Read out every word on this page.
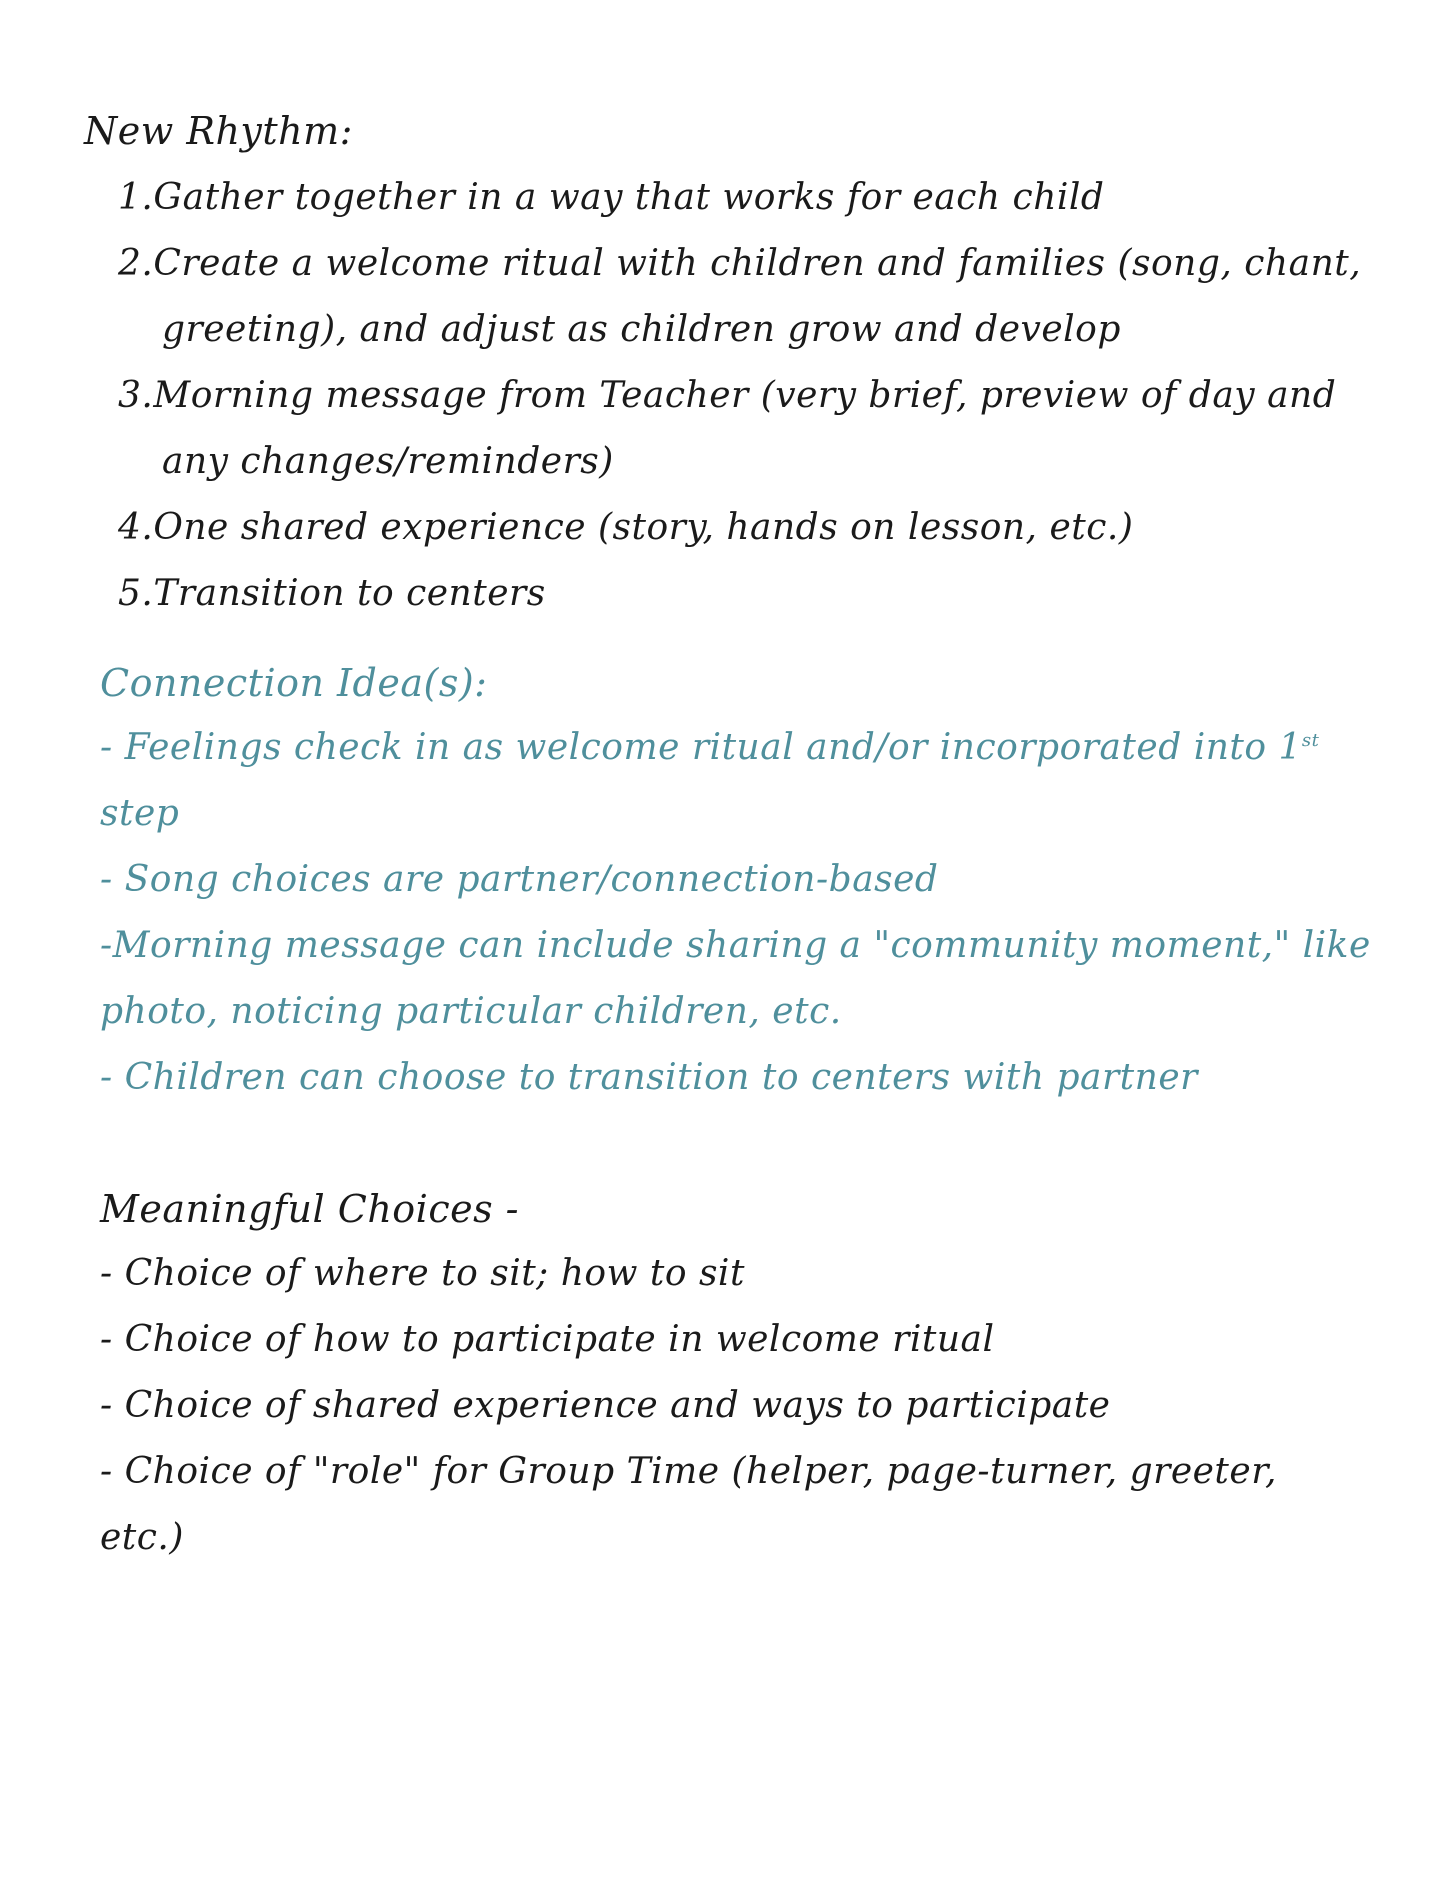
New Rhythm:
1.Gather together in a way that works for each child
2.Create a welcome ritual with children and families (song, chant,
greeting), and adjust as children grow and develop
3.Morning message from Teacher (very brief, preview of day and
any changes/reminders)
4.One shared experience (story, hands on lesson, etc.)
5.Transition to centers
Connection Idea(s):
- Feelings check in as welcome ritual and/or incorporated into 1st
step
- Song choices are partner/connection-based
-Morning message can include sharing a "community moment," like
photo, noticing particular children, etc.
- Children can choose to transition to centers with partner
Meaningful Choices -
- Choice of where to sit; how to sit
- Choice of how to participate in welcome ritual
- Choice of shared experience and ways to participate
- Choice of "role" for Group Time (helper, page-turner, greeter,
etc.)
